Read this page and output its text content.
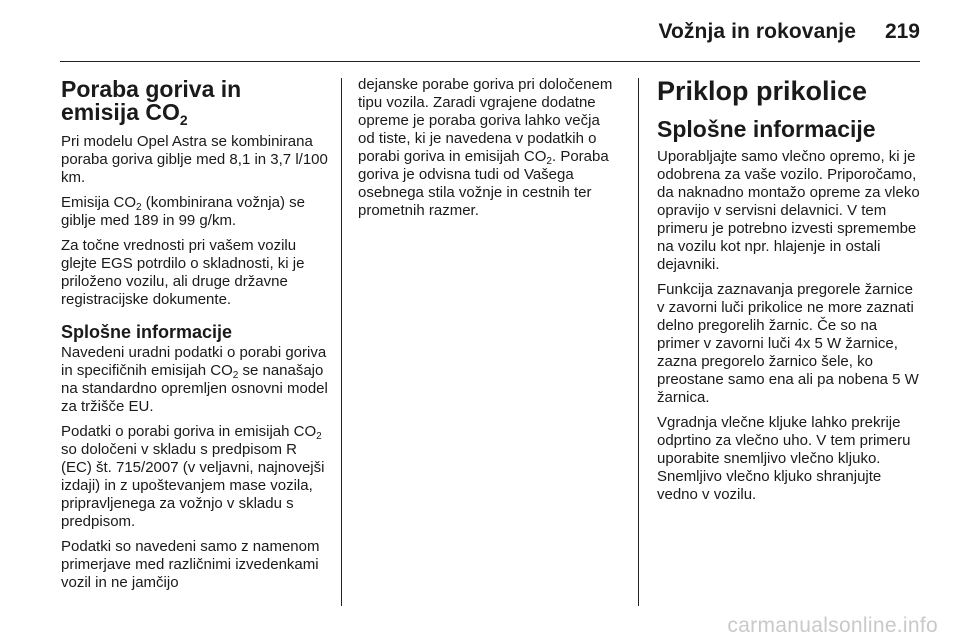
Vožnja in rokovanje 219
Poraba goriva in
emisija $CO_2$

Pri modelu Opel Astra se kombinirana poraba goriva giblje med 8,1 in 3,7 l/100 km.

Emisija $CO_2$ (kombinirana vožnja) se giblje med 189 in 99 g/km.

Za točne vrednosti pri vašem vozilu glejte EGS potrdilo o skladnosti, ki je priloženo vozilu, ali druge državne registracijske dokumente.

Splošne informacije

Navedeni uradni podatki o porabi goriva in specifičnih emisijah $CO_2$ se nanašajo na standardno opremljen osnovni model za tržišče EU.

Podatki o porabi goriva in emisijah $CO_2$ so določeni v skladu s predpisom R (EC) št. 715/2007 (v veljavni, najnovejši izdaji) in z upoštevanjem mase vozila, pripravljenega za vožnjo v skladu s predpisom.

Podatki so navedeni samo z namenom primerjave med različnimi izvedenkami vozil in ne jamčijo

dejanske porabe goriva pri določenem tipu vozila. Zaradi vgrajene dodatne opreme je poraba goriva lahko večja od tiste, ki je navedena v podatkih o porabi goriva in emisijah $CO_2$. Poraba goriva je odvisna tudi od Vašega osebnega stila vožnje in cestnih ter prometnih razmer.

Priklop prikolice
Splošne informacije

Uporabljajte samo vlečno opremo, ki je odobrena za vaše vozilo. Priporočamo, da naknadno montažo opreme za vleko opravijo v servisni delavnici. V tem primeru je potrebno izvesti spremembe na vozilu kot npr. hlajenje in ostali dejavniki.

Funkcija zaznavanja pregorele žarnice v zavorni luči prikolice ne more zaznati delno pregorelih žarnic. Če so na primer v zavorni luči 4x 5 W žarnice, zazna pregorelo žarnico šele, ko preostane samo ena ali pa nobena 5 W žarnica.

Vgradnja vlečne kljuke lahko prekrije odprtino za vlečno uho. V tem primeru uporabite snemljivo vlečno kljuko. Snemljivo vlečno kljuko shranjujte vedno v vozilu.

carmanualsonline.info
